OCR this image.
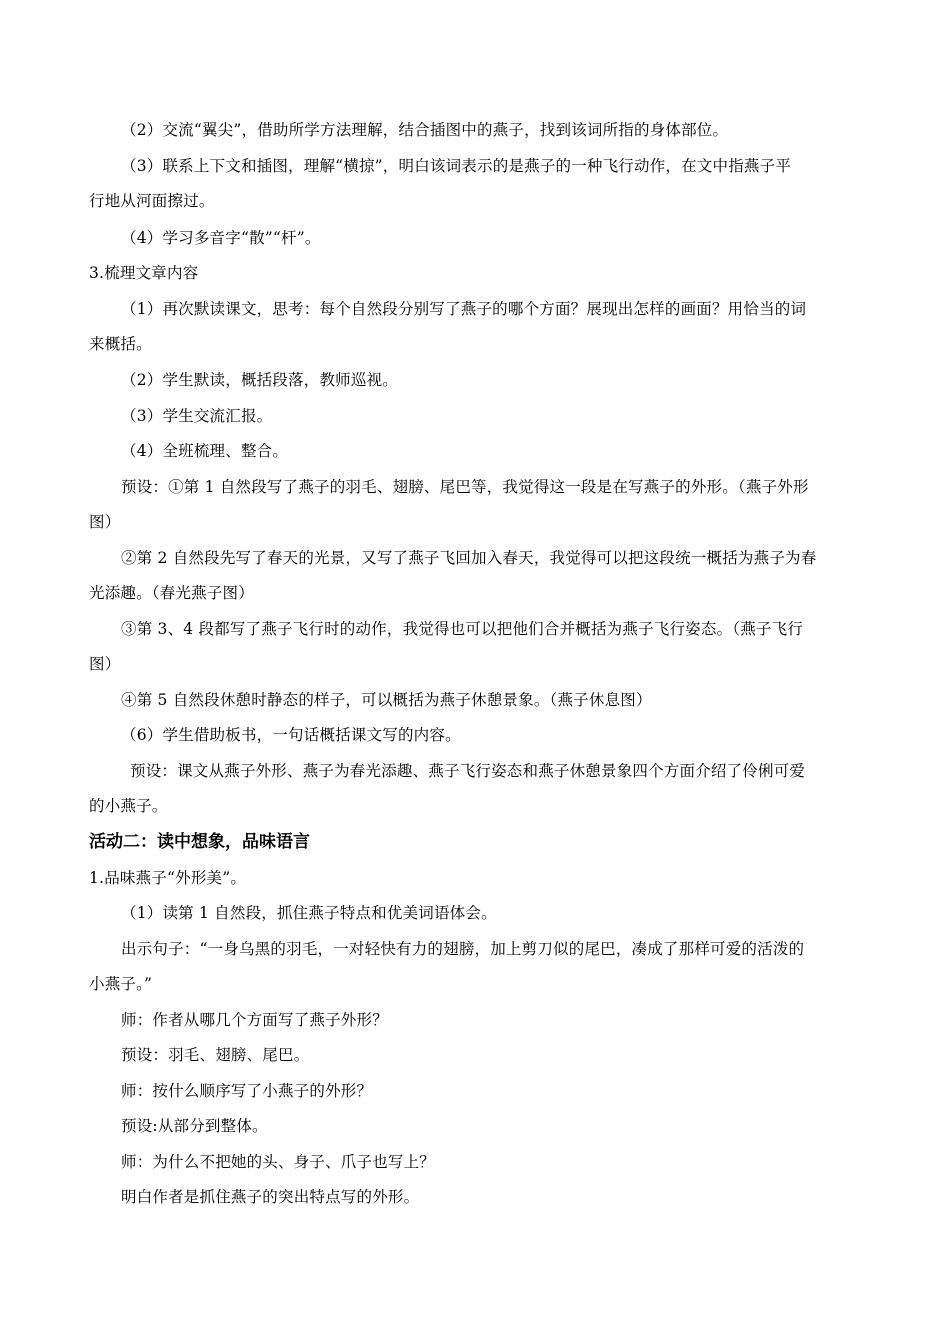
（2）交流“翼尖”，借助所学方法理解，结合插图中的燕子，找到该词所指的身体部位。
（3）联系上下文和插图，理解“横掠”，明白该词表示的是燕子的一种飞行动作，在文中指燕子平
行地从河面擦过。
（4）学习多音字“散”“杆”。
3.梳理文章内容
（1）再次默读课文，思考：每个自然段分别写了燕子的哪个方面？展现出怎样的画面？用恰当的词
来概括。
（2）学生默读，概括段落，教师巡视。
（3）学生交流汇报。
（4）全班梳理、整合。
预设：①第 1 自然段写了燕子的羽毛、翅膀、尾巴等，我觉得这一段是在写燕子的外形。（燕子外形
图）
②第 2 自然段先写了春天的光景，又写了燕子飞回加入春天，我觉得可以把这段统一概括为燕子为春
光添趣。（春光燕子图）
③第 3、4 段都写了燕子飞行时的动作，我觉得也可以把他们合并概括为燕子飞行姿态。（燕子飞行
图）
④第 5 自然段休憩时静态的样子，可以概括为燕子休憩景象。（燕子休息图）
（6）学生借助板书，一句话概括课文写的内容。
预设：课文从燕子外形、燕子为春光添趣、燕子飞行姿态和燕子休憩景象四个方面介绍了伶俐可爱
的小燕子。
活动二：读中想象，品味语言
1.品味燕子“外形美”。
（1）读第 1 自然段，抓住燕子特点和优美词语体会。
出示句子：“一身乌黑的羽毛，一对轻快有力的翅膀，加上剪刀似的尾巴，凑成了那样可爱的活泼的
小燕子。”
师：作者从哪几个方面写了燕子外形？
预设：羽毛、翅膀、尾巴。
师：按什么顺序写了小燕子的外形？
预设:从部分到整体。
师：为什么不把她的头、身子、爪子也写上？
明白作者是抓住燕子的突出特点写的外形。
